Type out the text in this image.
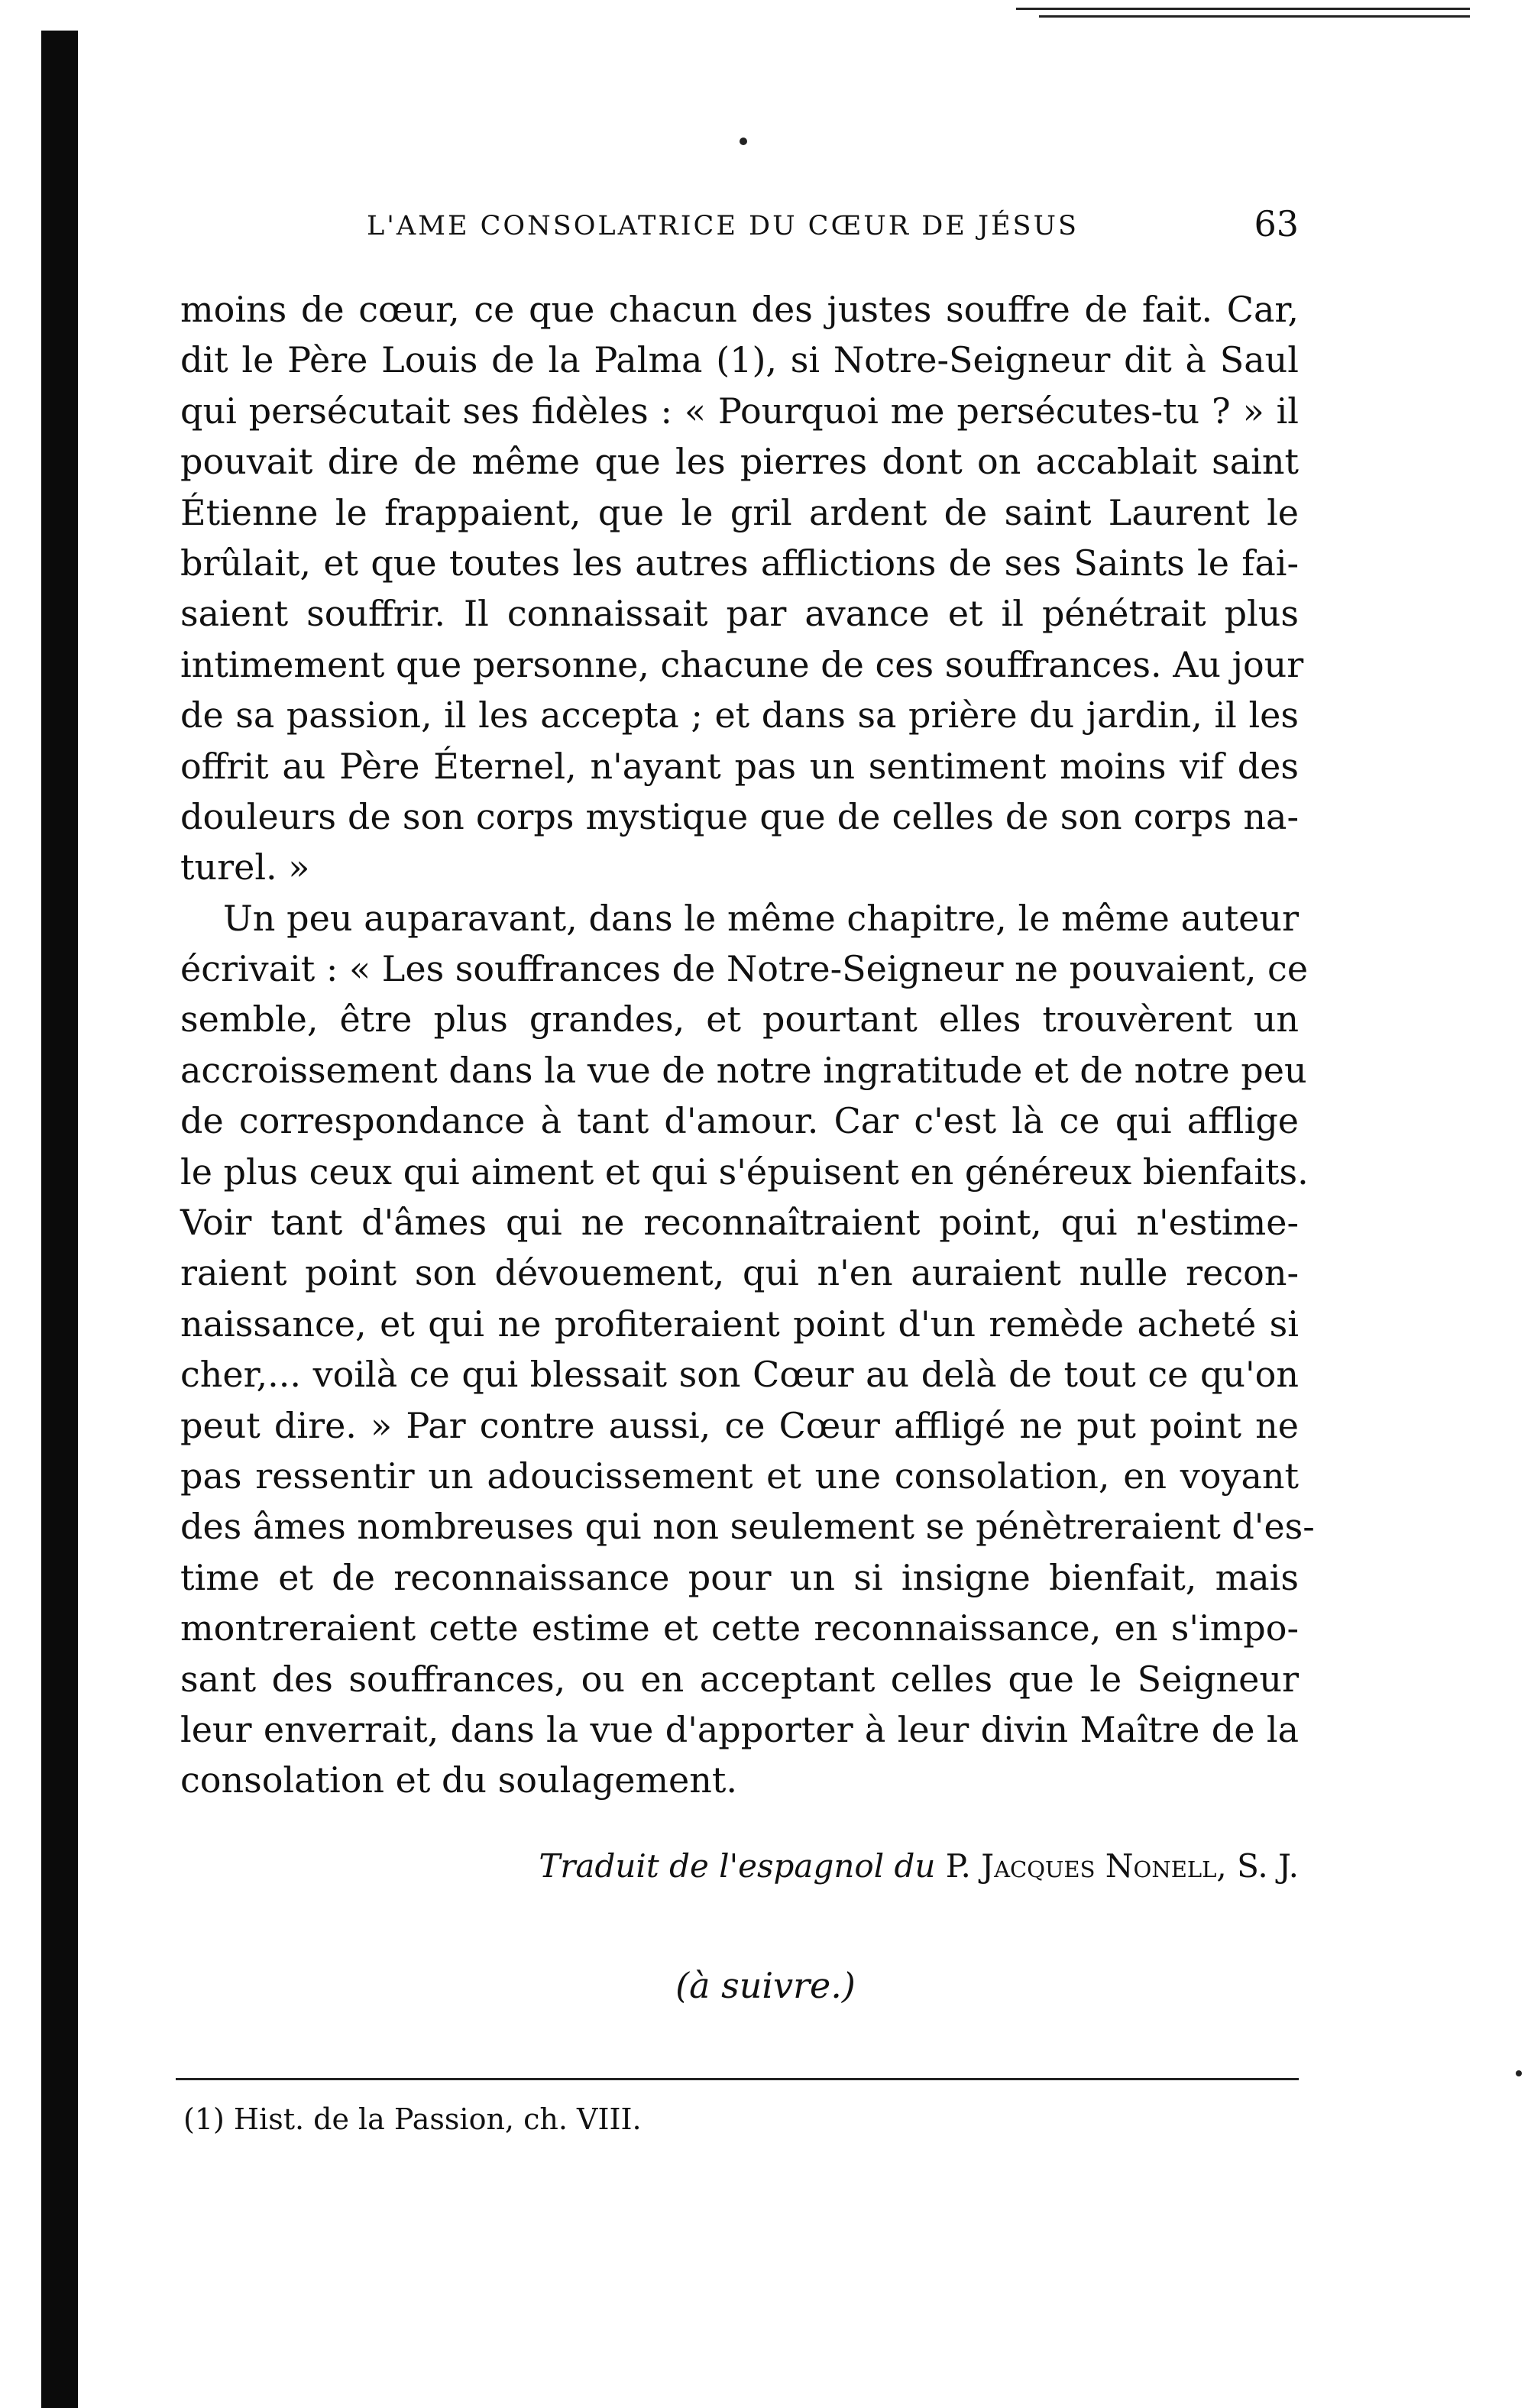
L'AME CONSOLATRICE DU CŒUR DE JÉSUS	63
moins de cœur, ce que chacun des justes souffre de fait. Car,
dit le Père Louis de la Palma (1), si Notre-Seigneur dit à Saul
qui persécutait ses fidèles : « Pourquoi me persécutes-tu ? » il
pouvait dire de même que les pierres dont on accablait saint
Étienne le frappaient, que le gril ardent de saint Laurent le
brûlait, et que toutes les autres afflictions de ses Saints le fai-
saient souffrir. Il connaissait par avance et il pénétrait plus
intimement que personne, chacune de ces souffrances. Au jour
de sa passion, il les accepta ; et dans sa prière du jardin, il les
offrit au Père Éternel, n'ayant pas un sentiment moins vif des
douleurs de son corps mystique que de celles de son corps na-
turel. »
Un peu auparavant, dans le même chapitre, le même auteur
écrivait : « Les souffrances de Notre-Seigneur ne pouvaient, ce
semble, être plus grandes, et pourtant elles trouvèrent un
accroissement dans la vue de notre ingratitude et de notre peu
de correspondance à tant d'amour. Car c'est là ce qui afflige
le plus ceux qui aiment et qui s'épuisent en généreux bienfaits.
Voir tant d'âmes qui ne reconnaîtraient point, qui n'estime-
raient point son dévouement, qui n'en auraient nulle recon-
naissance, et qui ne profiteraient point d'un remède acheté si
cher,... voilà ce qui blessait son Cœur au delà de tout ce qu'on
peut dire. » Par contre aussi, ce Cœur affligé ne put point ne
pas ressentir un adoucissement et une consolation, en voyant
des âmes nombreuses qui non seulement se pénètreraient d'es-
time et de reconnaissance pour un si insigne bienfait, mais
montreraient cette estime et cette reconnaissance, en s'impo-
sant des souffrances, ou en acceptant celles que le Seigneur
leur enverrait, dans la vue d'apporter à leur divin Maître de la
consolation et du soulagement.
Traduit de l'espagnol du P. Jacques Nonell, S. J.
(à suivre.)
(1) Hist. de la Passion, ch. VIII.
